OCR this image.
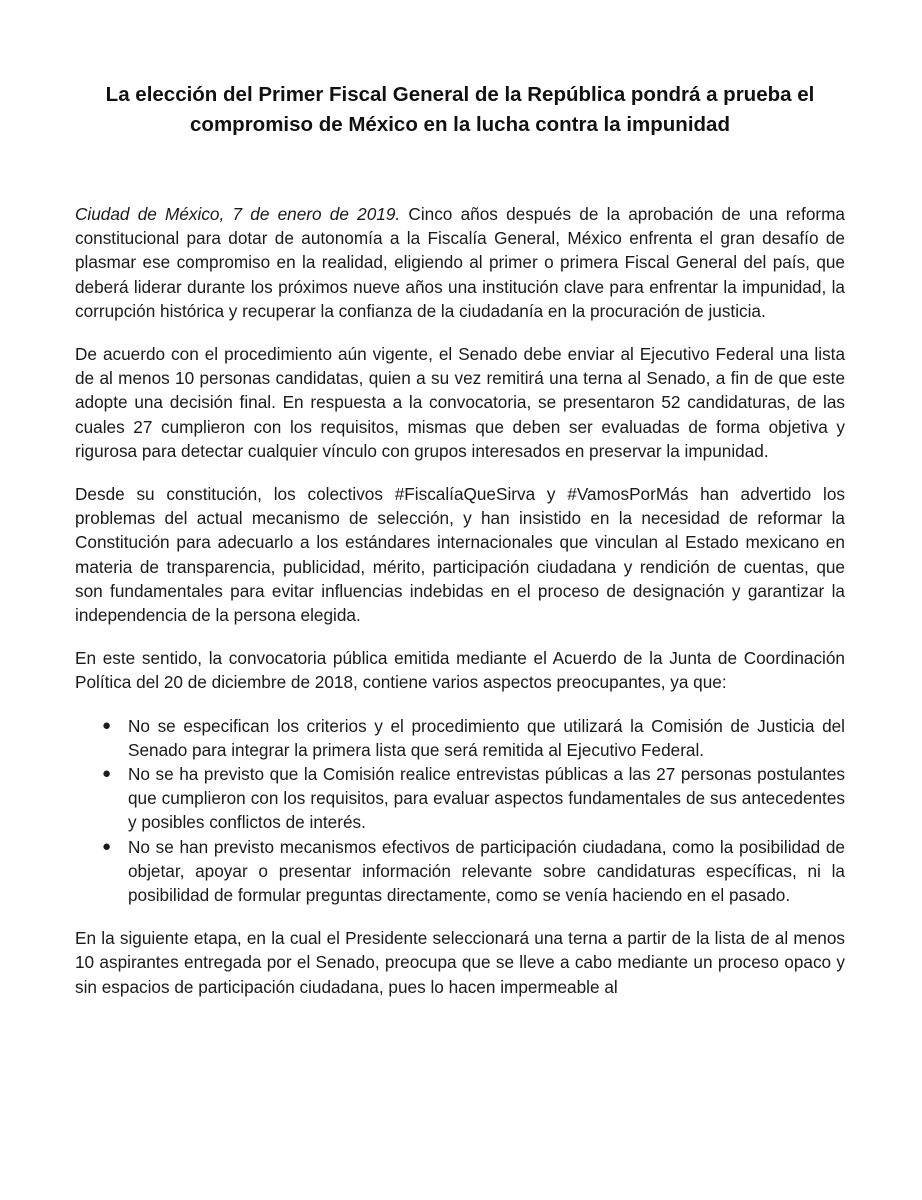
La elección del Primer Fiscal General de la República pondrá a prueba el compromiso de México en la lucha contra la impunidad

Ciudad de México, 7 de enero de 2019. Cinco años después de la aprobación de una reforma constitucional para dotar de autonomía a la Fiscalía General, México enfrenta el gran desafío de plasmar ese compromiso en la realidad, eligiendo al primer o primera Fiscal General del país, que deberá liderar durante los próximos nueve años una institución clave para enfrentar la impunidad, la corrupción histórica y recuperar la confianza de la ciudadanía en la procuración de justicia.

De acuerdo con el procedimiento aún vigente, el Senado debe enviar al Ejecutivo Federal una lista de al menos 10 personas candidatas, quien a su vez remitirá una terna al Senado, a fin de que este adopte una decisión final. En respuesta a la convocatoria, se presentaron 52 candidaturas, de las cuales 27 cumplieron con los requisitos, mismas que deben ser evaluadas de forma objetiva y rigurosa para detectar cualquier vínculo con grupos interesados en preservar la impunidad.

Desde su constitución, los colectivos #FiscalíaQueSirva y #VamosPorMás han advertido los problemas del actual mecanismo de selección, y han insistido en la necesidad de reformar la Constitución para adecuarlo a los estándares internacionales que vinculan al Estado mexicano en materia de transparencia, publicidad, mérito, participación ciudadana y rendición de cuentas, que son fundamentales para evitar influencias indebidas en el proceso de designación y garantizar la independencia de la persona elegida.

En este sentido, la convocatoria pública emitida mediante el Acuerdo de la Junta de Coordinación Política del 20 de diciembre de 2018, contiene varios aspectos preocupantes, ya que:

● No se especifican los criterios y el procedimiento que utilizará la Comisión de Justicia del Senado para integrar la primera lista que será remitida al Ejecutivo Federal.
● No se ha previsto que la Comisión realice entrevistas públicas a las 27 personas postulantes que cumplieron con los requisitos, para evaluar aspectos fundamentales de sus antecedentes y posibles conflictos de interés.
● No se han previsto mecanismos efectivos de participación ciudadana, como la posibilidad de objetar, apoyar o presentar información relevante sobre candidaturas específicas, ni la posibilidad de formular preguntas directamente, como se venía haciendo en el pasado.

En la siguiente etapa, en la cual el Presidente seleccionará una terna a partir de la lista de al menos 10 aspirantes entregada por el Senado, preocupa que se lleve a cabo mediante un proceso opaco y sin espacios de participación ciudadana, pues lo hacen impermeable al
